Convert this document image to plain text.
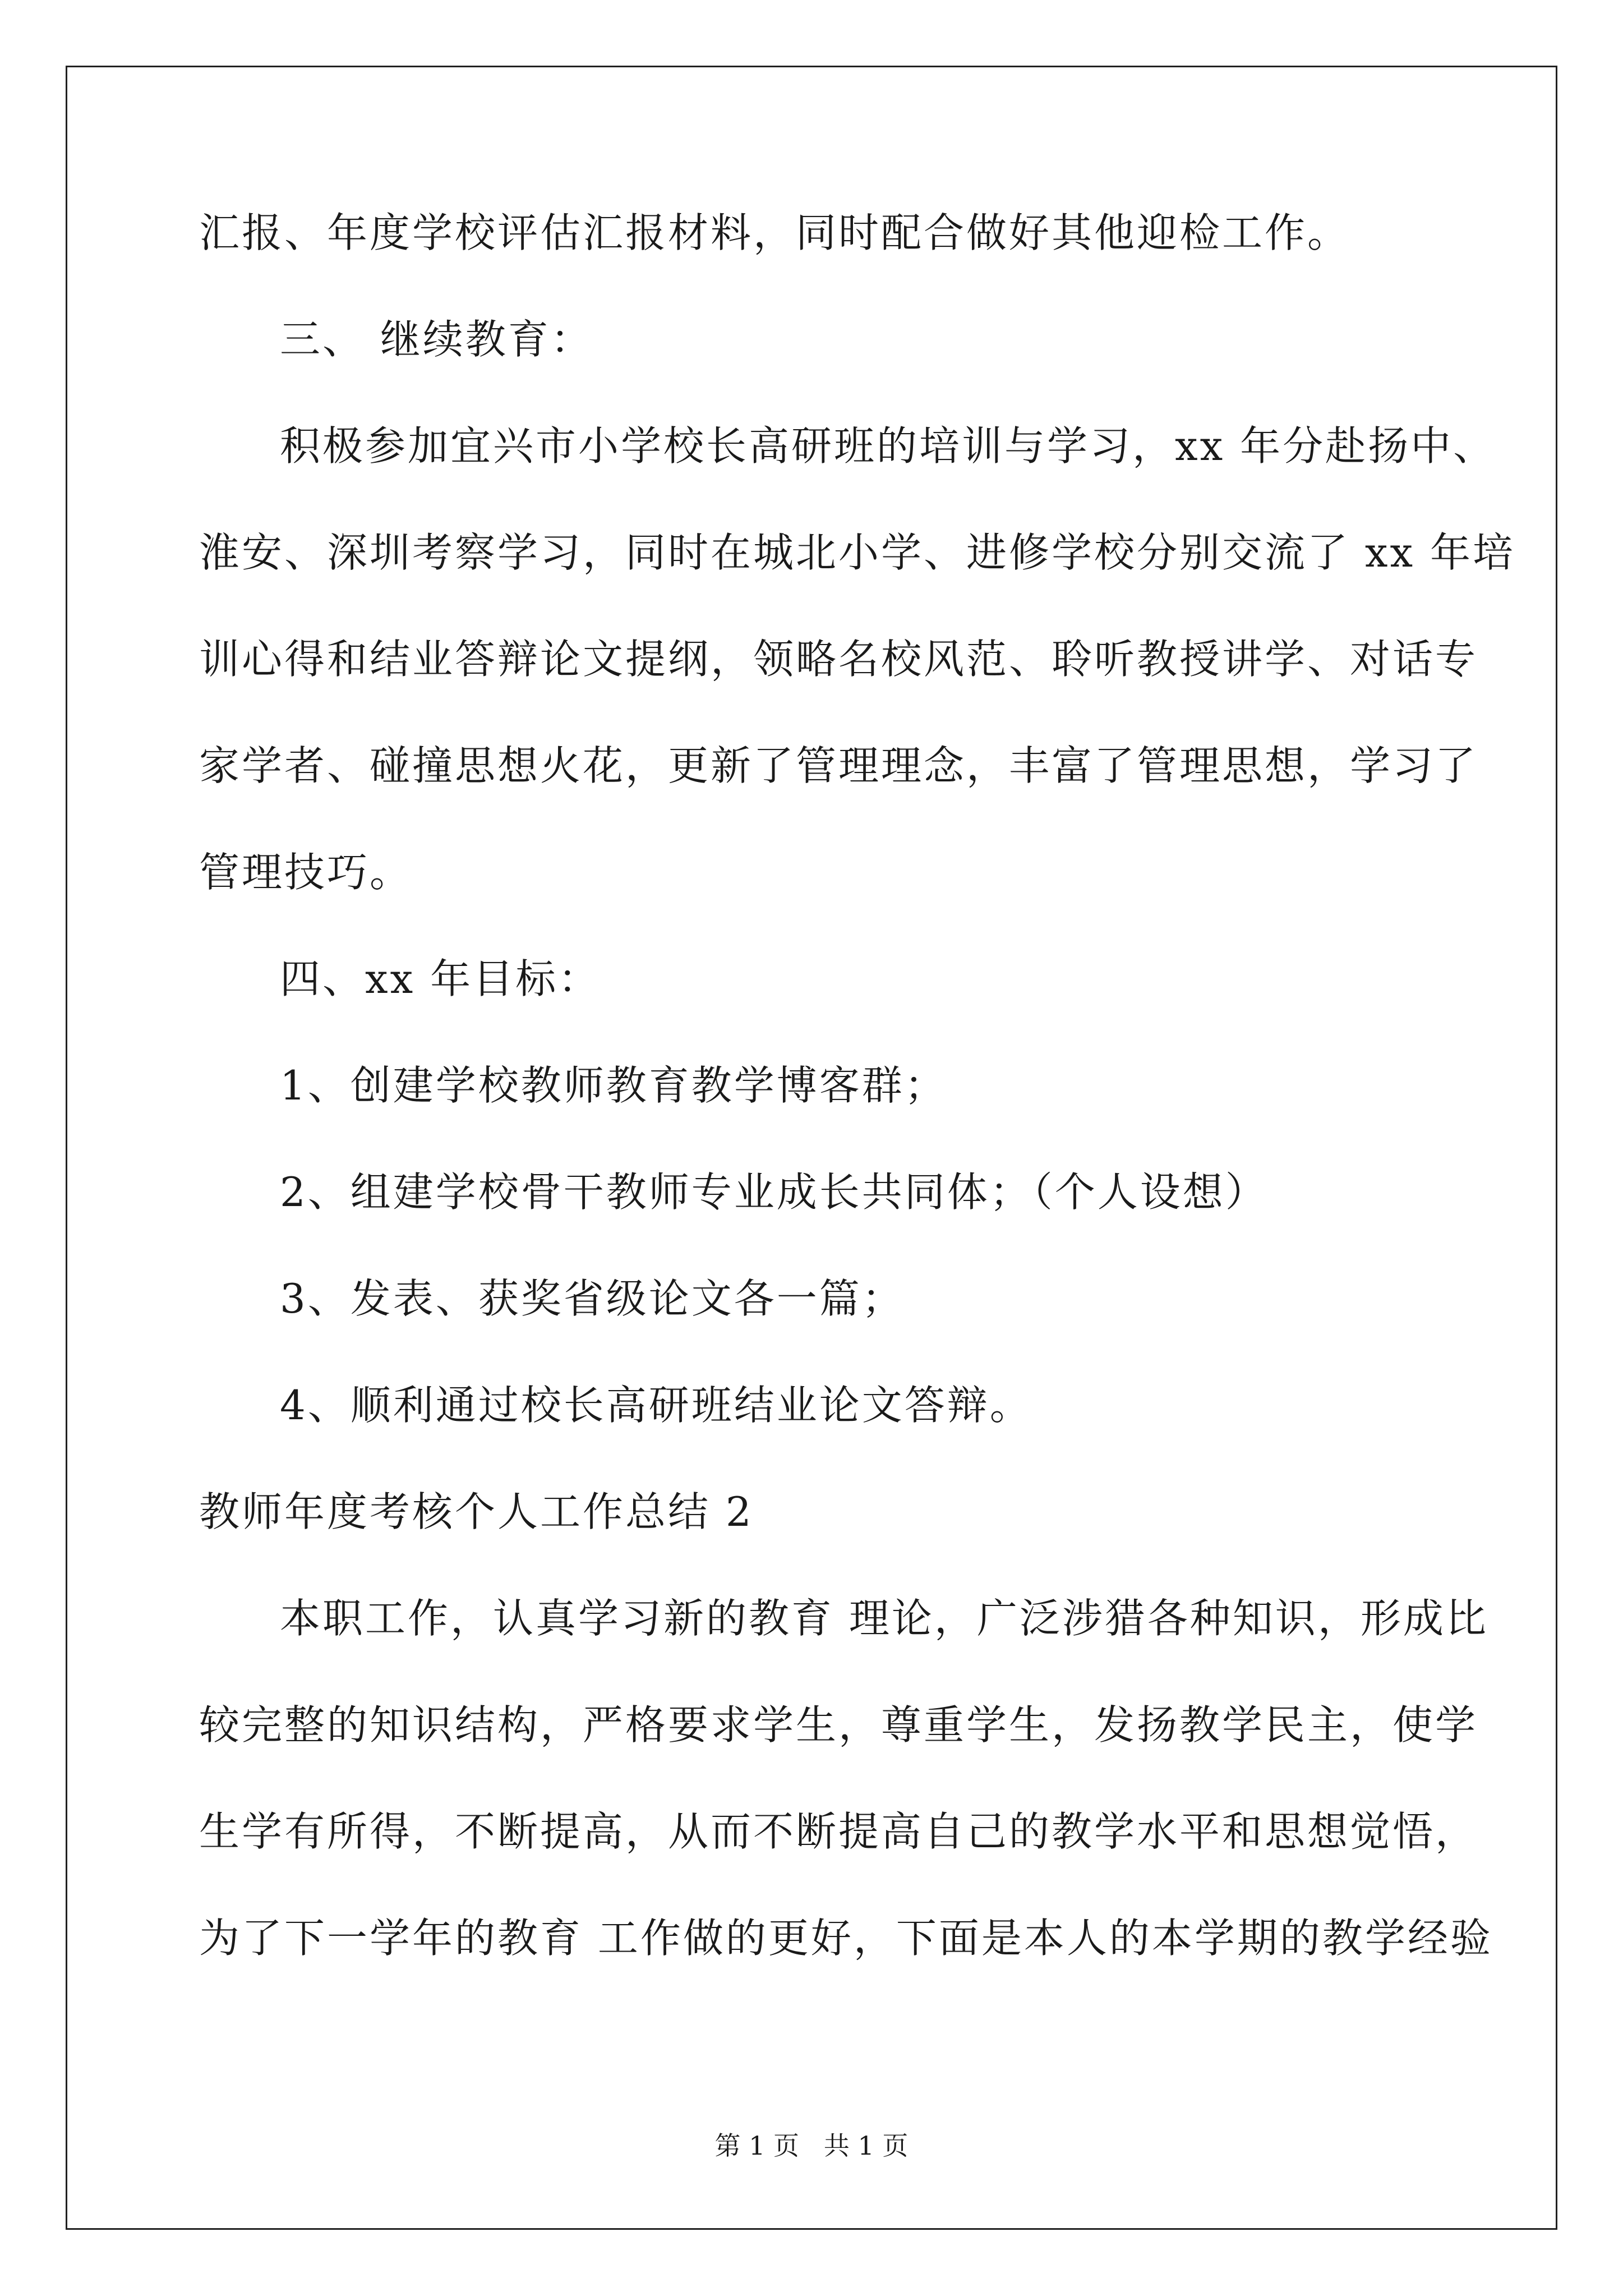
汇报、年度学校评估汇报材料，同时配合做好其他迎检工作。
三、 继续教育：
积极参加宜兴市小学校长高研班的培训与学习，xx 年分赴扬中、
淮安、深圳考察学习，同时在城北小学、进修学校分别交流了 xx 年培
训心得和结业答辩论文提纲，领略名校风范、聆听教授讲学、对话专
家学者、碰撞思想火花，更新了管理理念，丰富了管理思想，学习了
管理技巧。
四、xx 年目标：
1、创建学校教师教育教学博客群；
2、组建学校骨干教师专业成长共同体；（个人设想）
3、发表、获奖省级论文各一篇；
4、顺利通过校长高研班结业论文答辩。
教师年度考核个人工作总结 2
本职工作，认真学习新的教育 理论，广泛涉猎各种知识，形成比
较完整的知识结构，严格要求学生，尊重学生，发扬教学民主，使学
生学有所得，不断提高，从而不断提高自己的教学水平和思想觉悟，
为了下一学年的教育 工作做的更好，下面是本人的本学期的教学经验
第 1 页   共 1 页
